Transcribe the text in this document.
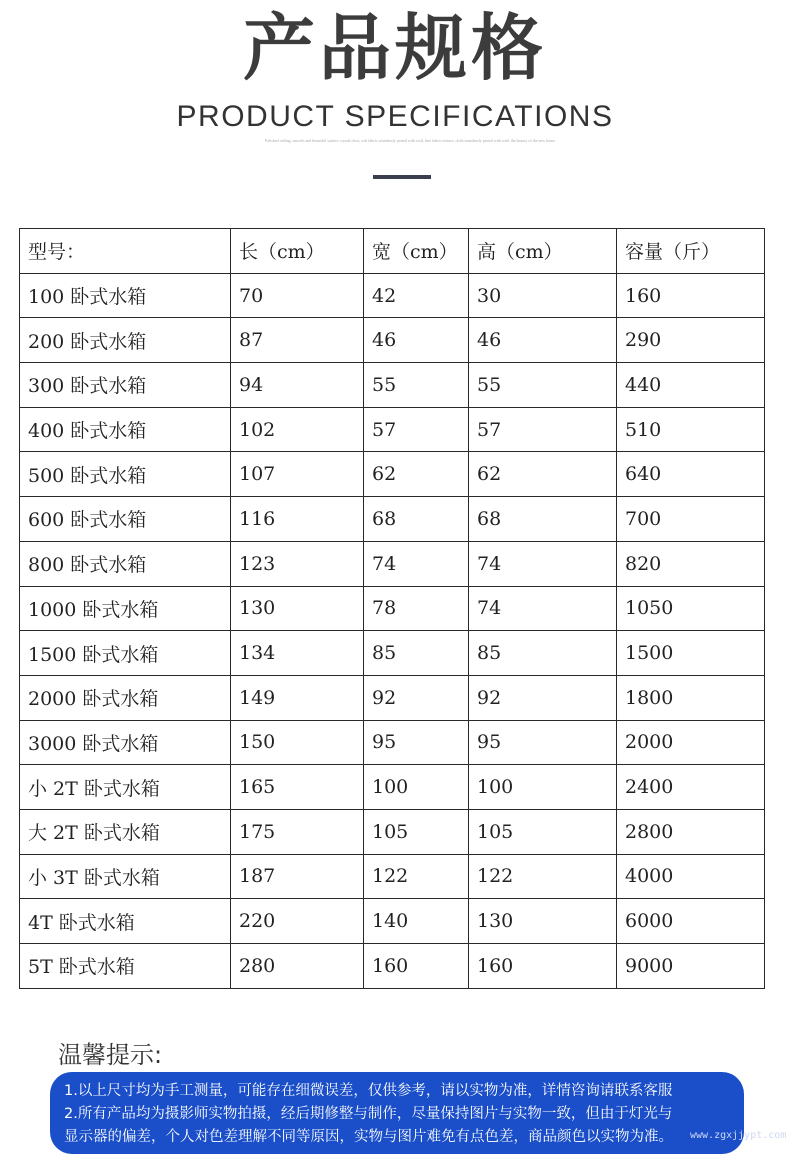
产品规格
PRODUCT SPECIFICATIONS
Polished ceiling, smooth and beautiful surface crystal clear, soft fabric seamlessly paired with wall, fine fabric texture, cloth seamlessly paired with wall, the beauty of the new home
型号：	长（cm）	宽（cm）	高（cm）	容量（斤）
100 卧式水箱	70	42	30	160
200 卧式水箱	87	46	46	290
300 卧式水箱	94	55	55	440
400 卧式水箱	102	57	57	510
500 卧式水箱	107	62	62	640
600 卧式水箱	116	68	68	700
800 卧式水箱	123	74	74	820
1000 卧式水箱	130	78	74	1050
1500 卧式水箱	134	85	85	1500
2000 卧式水箱	149	92	92	1800
3000 卧式水箱	150	95	95	2000
小 2T 卧式水箱	165	100	100	2400
大 2T 卧式水箱	175	105	105	2800
小 3T 卧式水箱	187	122	122	4000
4T 卧式水箱	220	140	130	6000
5T 卧式水箱	280	160	160	9000
温馨提示:
1.以上尺寸均为手工测量，可能存在细微误差，仅供参考，请以实物为准，详情咨询请联系客服
2.所有产品均为摄影师实物拍摄，经后期修整与制作，尽量保持图片与实物一致，但由于灯光与
显示器的偏差，个人对色差理解不同等原因，实物与图片难免有点色差，商品颜色以实物为准。	www.zgxjjypt.com
